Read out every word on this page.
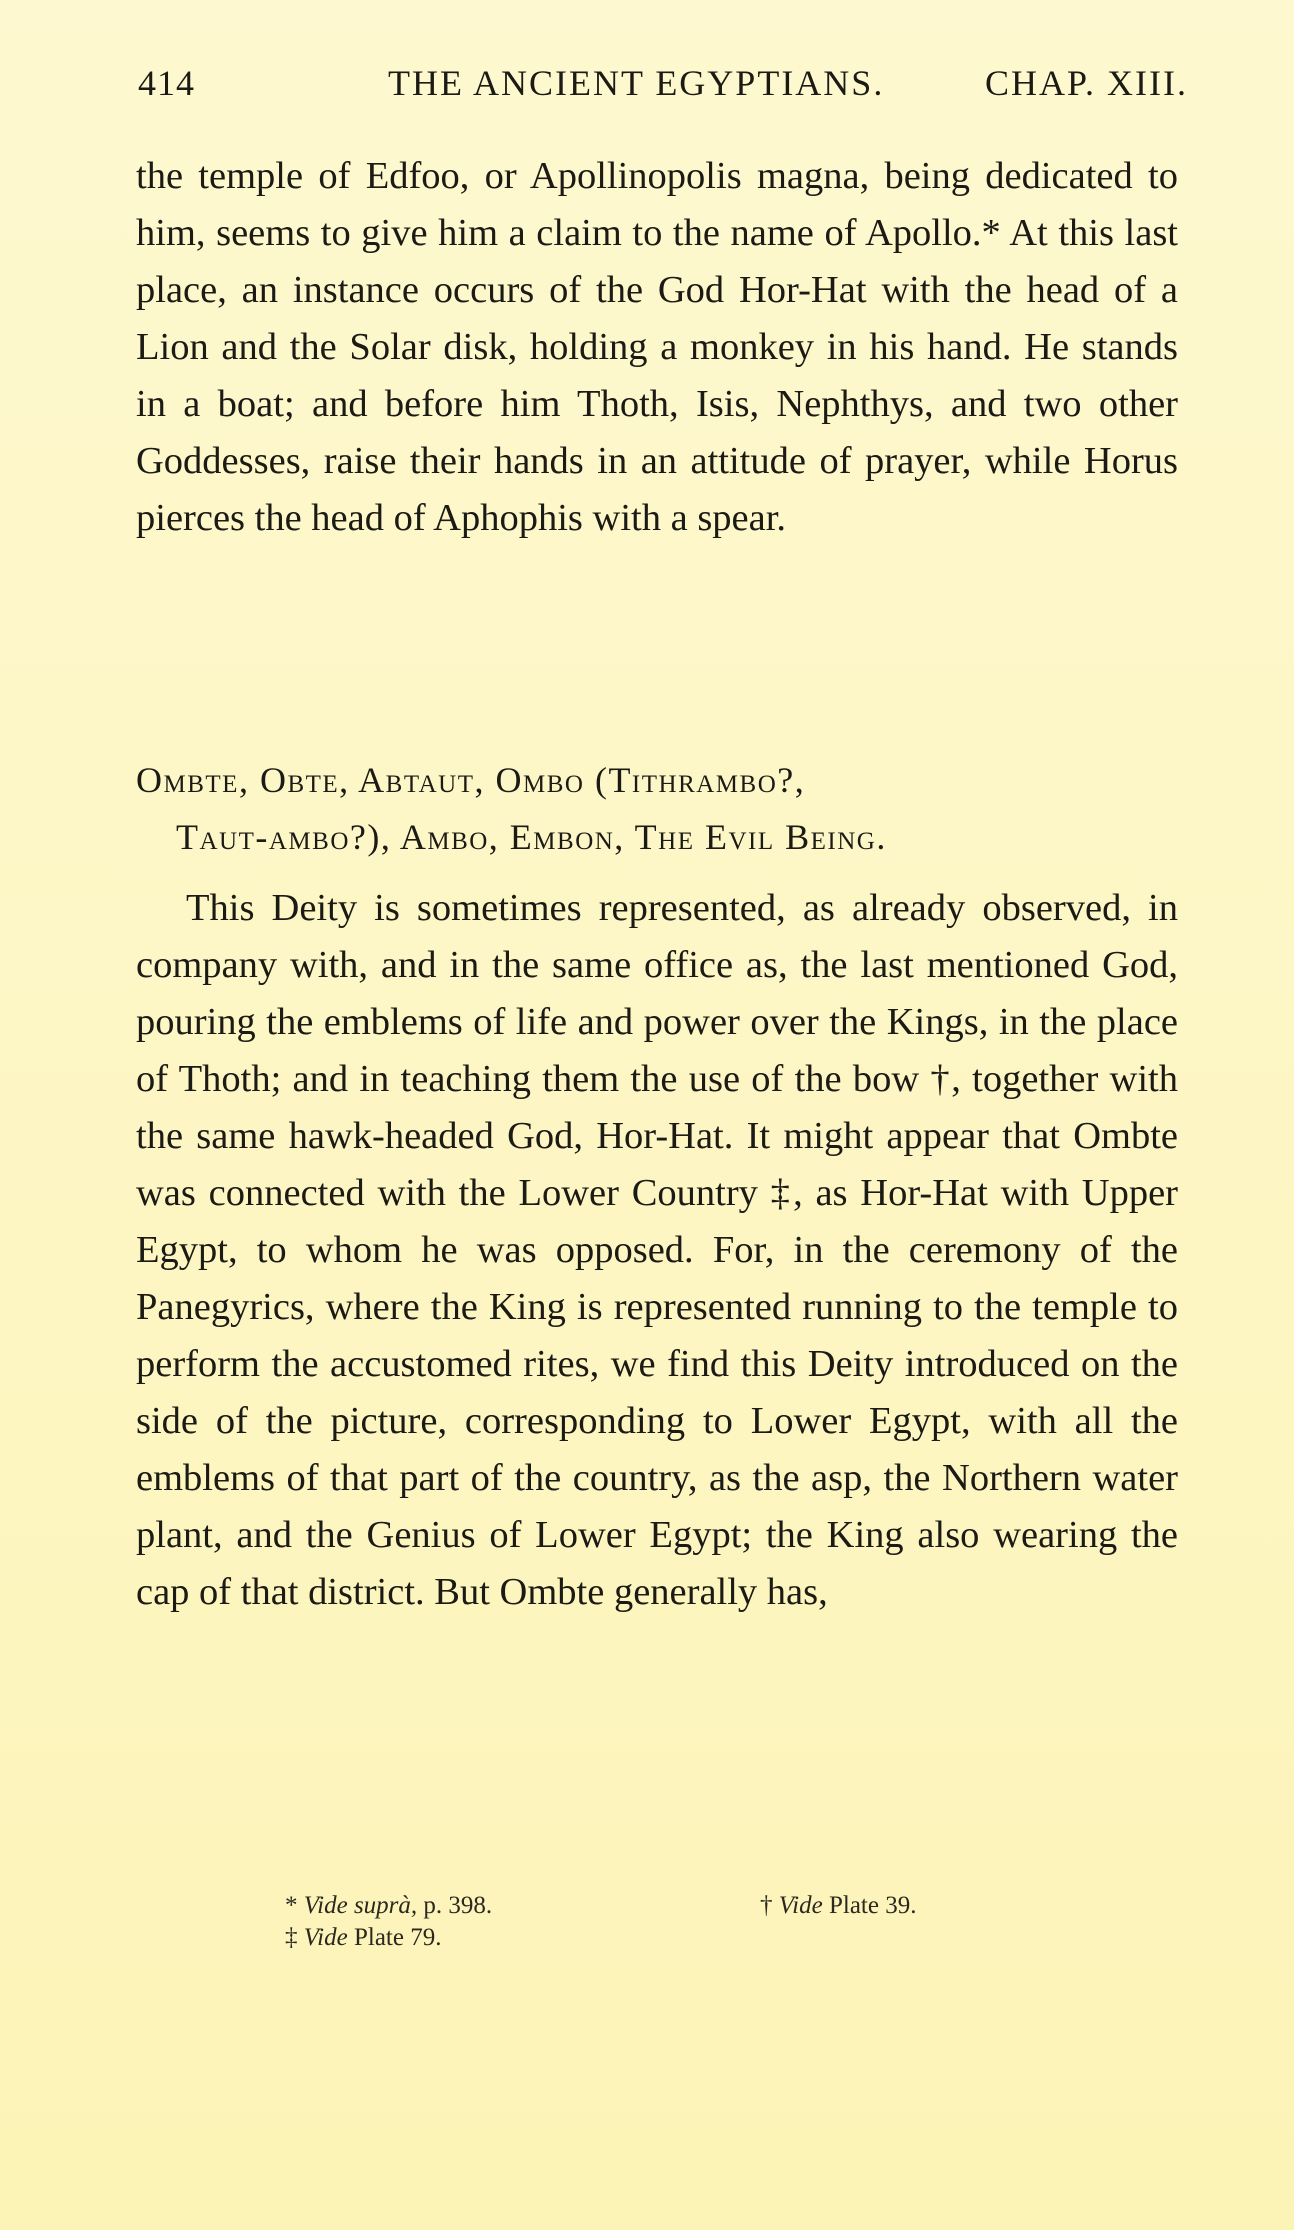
414	THE ANCIENT EGYPTIANS.	CHAP. XIII.
the temple of Edfoo, or Apollinopolis magna, being dedicated to him, seems to give him a claim to the name of Apollo.* At this last place, an instance occurs of the God Hor-Hat with the head of a Lion and the Solar disk, holding a monkey in his hand. He stands in a boat; and before him Thoth, Isis, Nephthys, and two other Goddesses, raise their hands in an attitude of prayer, while Horus pierces the head of Aphophis with a spear.
Ombte, Obte, Abtaut, Ombo (Tithrambo?,
Taut-ambo?), Ambo, Embon, The Evil Being.
This Deity is sometimes represented, as already observed, in company with, and in the same office as, the last mentioned God, pouring the emblems of life and power over the Kings, in the place of Thoth; and in teaching them the use of the bow †, together with the same hawk-headed God, Hor-Hat. It might appear that Ombte was connected with the Lower Country ‡, as Hor-Hat with Upper Egypt, to whom he was opposed. For, in the ceremony of the Panegyrics, where the King is represented running to the temple to perform the accustomed rites, we find this Deity introduced on the side of the picture, corresponding to Lower Egypt, with all the emblems of that part of the country, as the asp, the Northern water plant, and the Genius of Lower Egypt; the King also wearing the cap of that district. But Ombte generally has,
* Vide suprà, p. 398.	† Vide Plate 39.
‡ Vide Plate 79.
